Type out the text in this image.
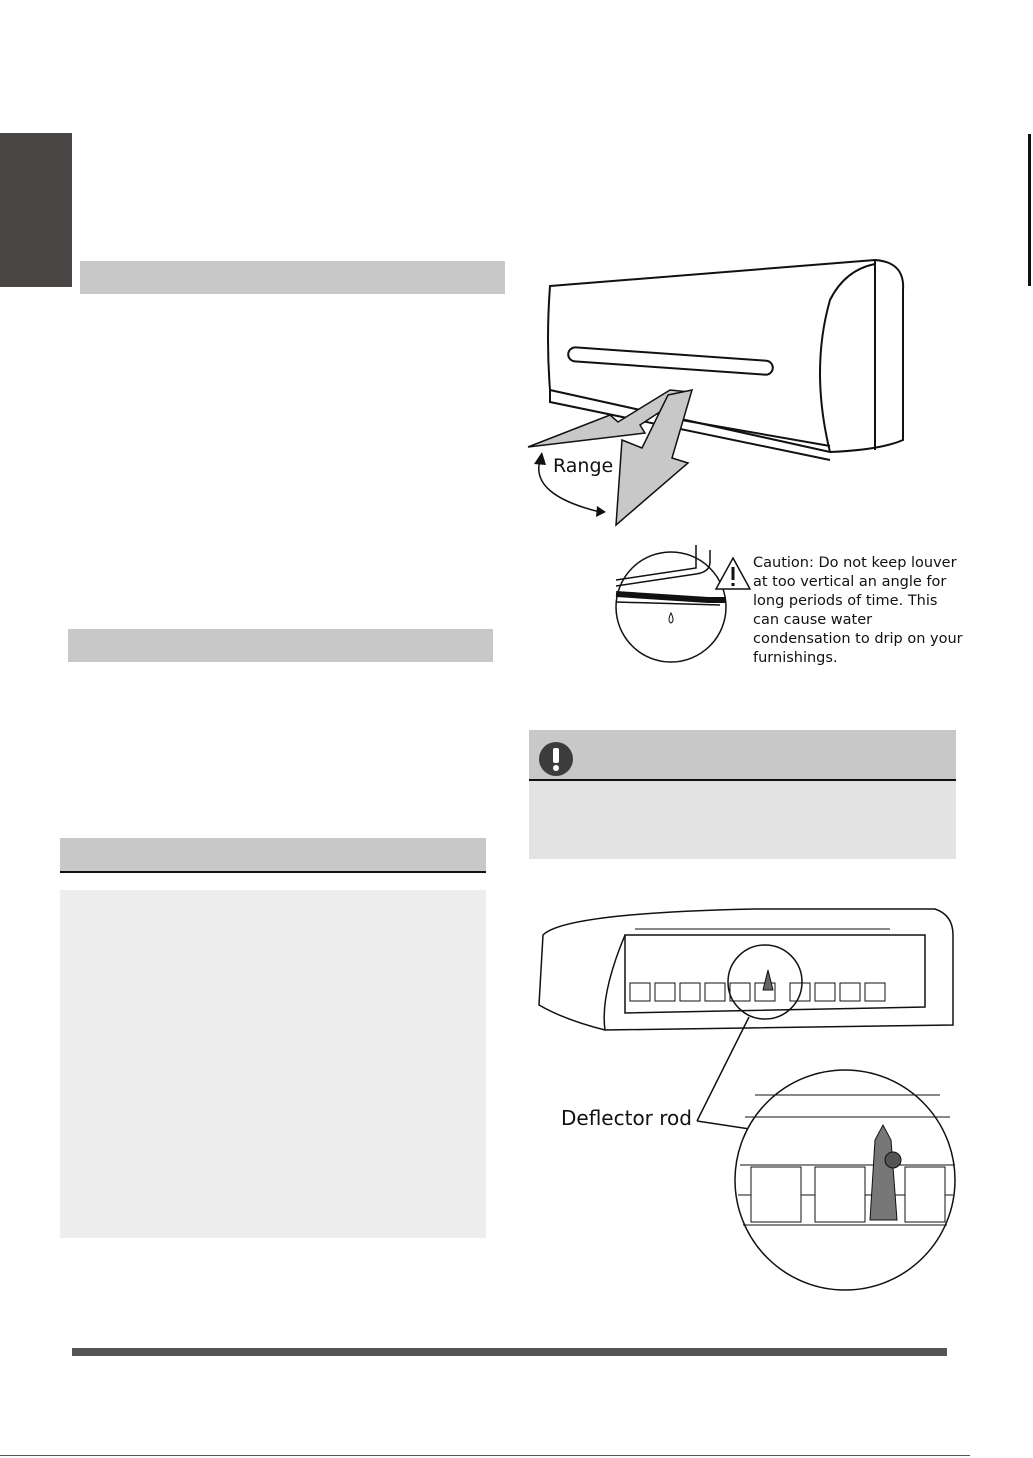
Range
Caution: Do not keep louver at too vertical an angle for long periods of time. This can cause water condensation to drip on your furnishings.
Deflector rod
